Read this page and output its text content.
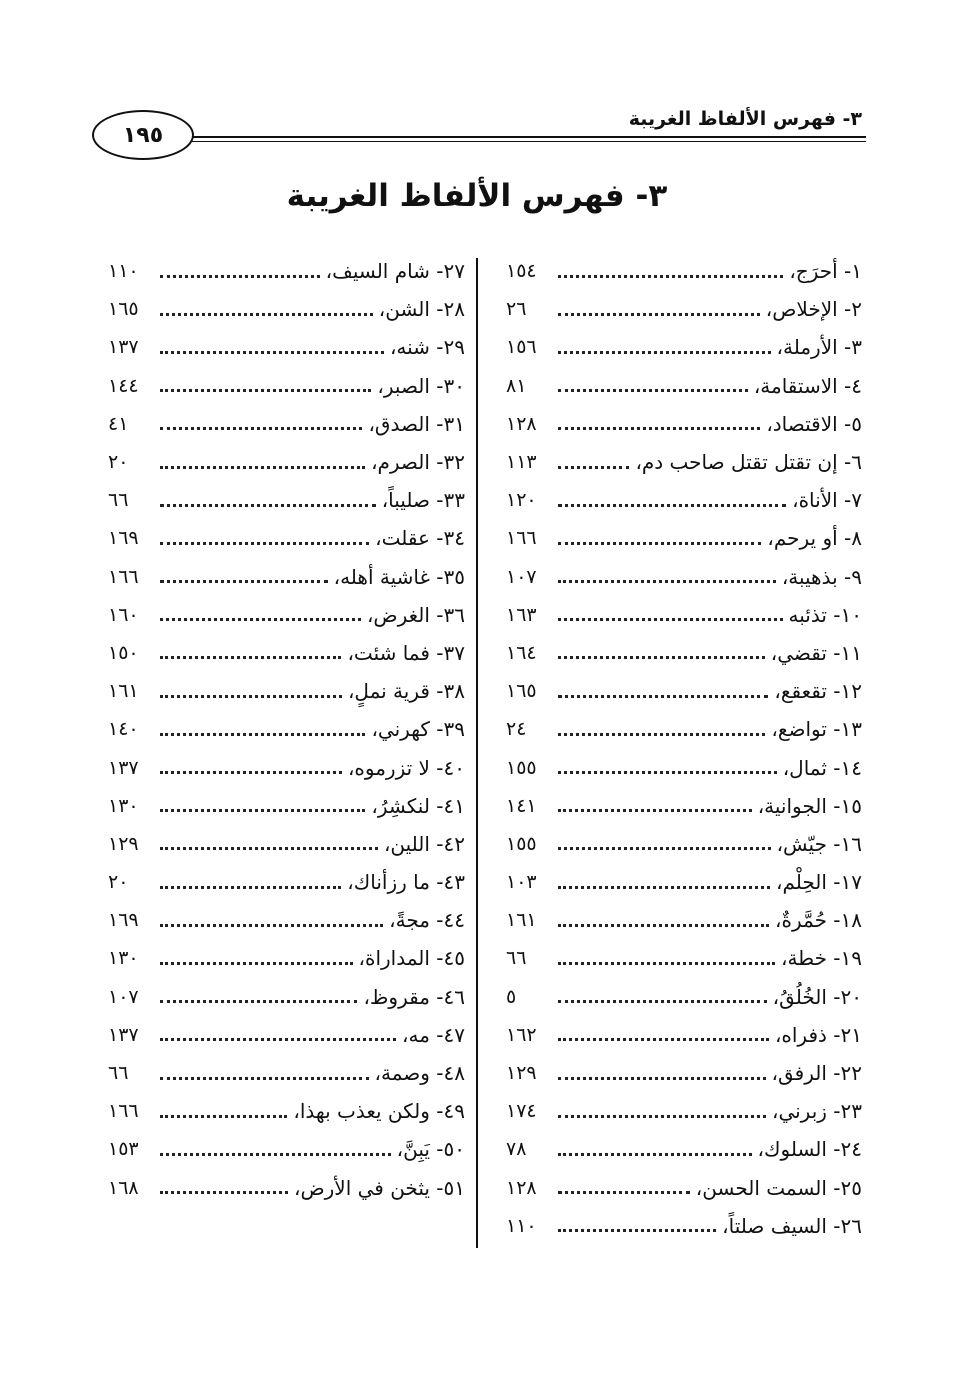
٣- فهرس الألفاظ الغريبة
١٩٥
٣- فهرس الألفاظ الغريبة
١٥٤	١- أحرَج،
٢٦	٢- الإخلاص،
١٥٦	٣- الأرملة،
٨١	٤- الاستقامة،
١٢٨	٥- الاقتصاد،
١١٣	٦- إن تقتل تقتل صاحب دم،
١٢٠	٧- الأناة،
١٦٦	٨- أو يرحم،
١٠٧	٩- بذهيبة،
١٦٣	١٠- تذئبه
١٦٤	١١- تقضي،
١٦٥	١٢- تقعقع،
٢٤	١٣- تواضع،
١٥٥	١٤- ثمال،
١٤١	١٥- الجوانية،
١٥٥	١٦- جيّش،
١٠٣	١٧- الحِلْم،
١٦١	١٨- حُمَّرةٌ،
٦٦	١٩- خطة،
٥	٢٠- الخُلُقُ،
١٦٢	٢١- ذفراه،
١٢٩	٢٢- الرفق،
١٧٤	٢٣- زبرني،
٧٨	٢٤- السلوك،
١٢٨	٢٥- السمت الحسن،
١١٠	٢٦- السيف صلتاً،
١١٠	٢٧- شام السيف،
١٦٥	٢٨- الشن،
١٣٧	٢٩- شنه،
١٤٤	٣٠- الصبر،
٤١	٣١- الصدق،
٢٠	٣٢- الصرم،
٦٦	٣٣- صليباً،
١٦٩	٣٤- عقلت،
١٦٦	٣٥- غاشية أهله،
١٦٠	٣٦- الغرض،
١٥٠	٣٧- فما شئت،
١٦١	٣٨- قرية نملٍ،
١٤٠	٣٩- كهرني،
١٣٧	٤٠- لا تزرموه،
١٣٠	٤١- لنكشِرُ،
١٢٩	٤٢- اللين،
٢٠	٤٣- ما رزأناك،
١٦٩	٤٤- مجةً،
١٣٠	٤٥- المداراة،
١٠٧	٤٦- مقروظ،
١٣٧	٤٧- مه،
٦٦	٤٨- وصمة،
١٦٦	٤٩- ولكن يعذب بهذا،
١٥٣	٥٠- يَبِنَّ،
١٦٨	٥١- يثخن في الأرض،
